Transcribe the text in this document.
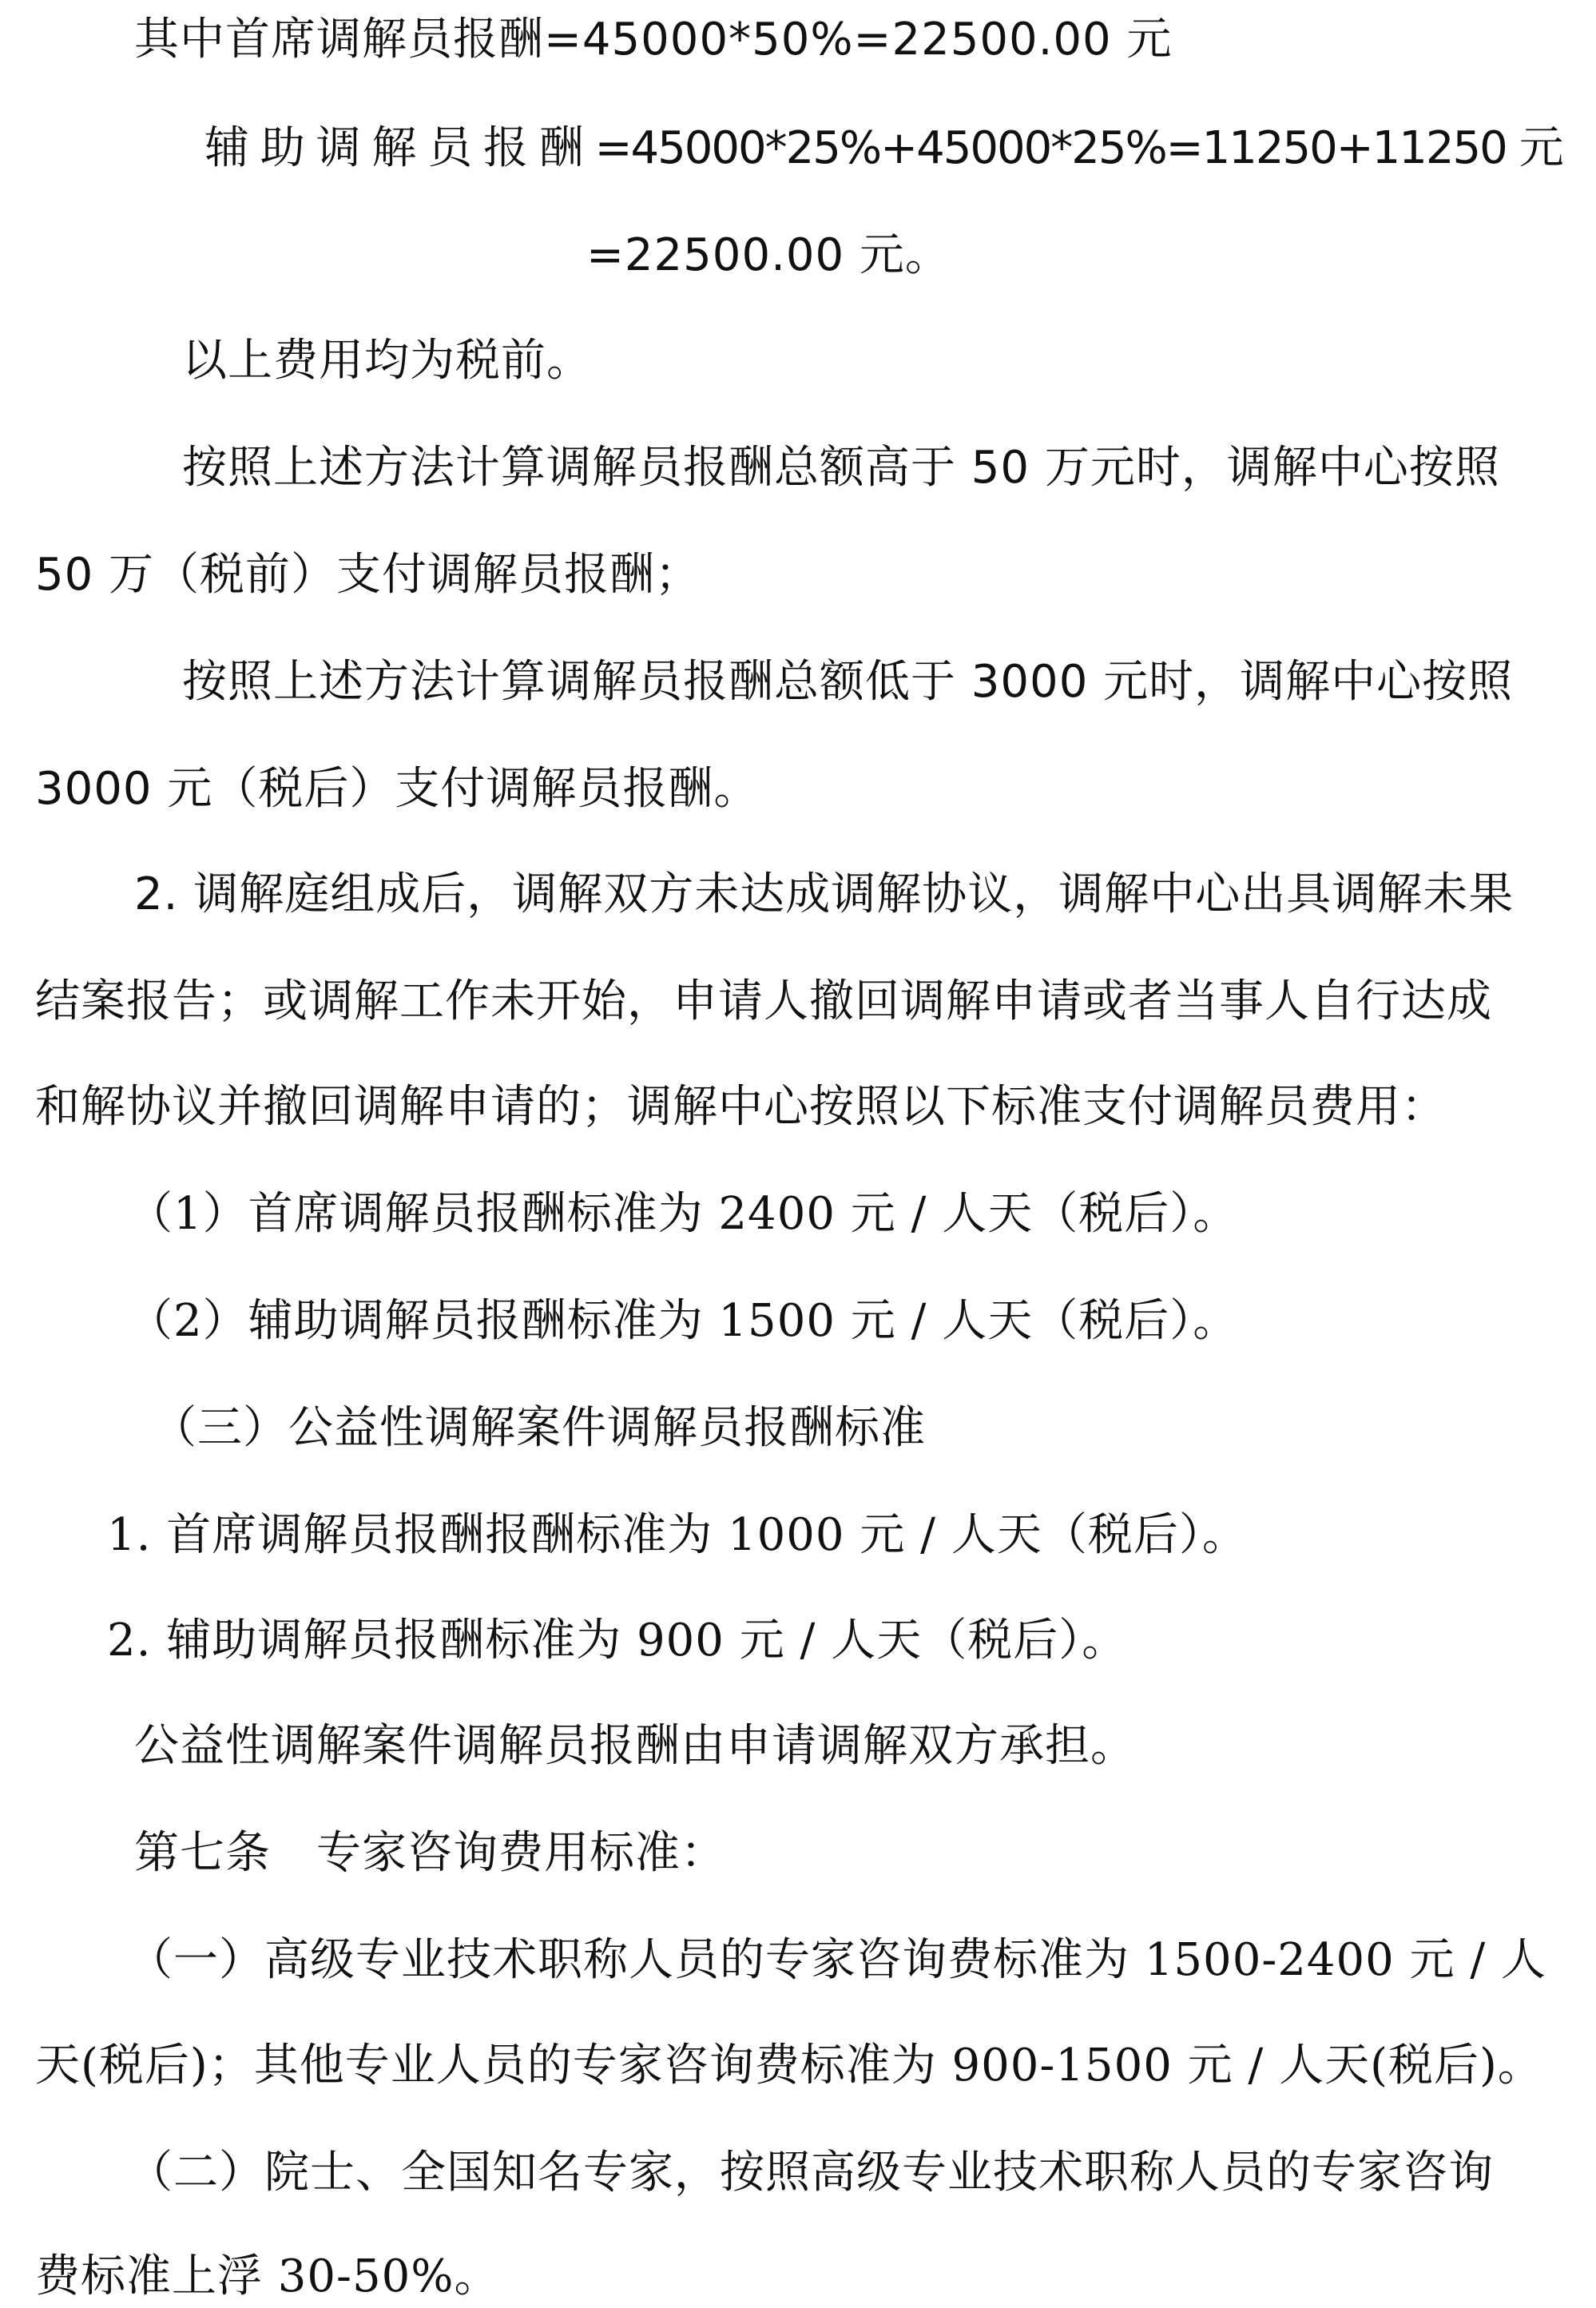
其中首席调解员报酬=45000*50%=22500.00 元
辅 助 调 解 员 报 酬 =45000*25%+45000*25%=11250+11250 元
=22500.00 元。
以上费用均为税前。
按照上述方法计算调解员报酬总额高于 50 万元时，调解中心按照
50 万（税前）支付调解员报酬；
按照上述方法计算调解员报酬总额低于 3000 元时，调解中心按照
3000 元（税后）支付调解员报酬。
2. 调解庭组成后，调解双方未达成调解协议，调解中心出具调解未果
结案报告；或调解工作未开始，申请人撤回调解申请或者当事人自行达成
和解协议并撤回调解申请的；调解中心按照以下标准支付调解员费用：
（1）首席调解员报酬标准为 2400 元 / 人天（税后）。
（2）辅助调解员报酬标准为 1500 元 / 人天（税后）。
（三）公益性调解案件调解员报酬标准
1. 首席调解员报酬报酬标准为 1000 元 / 人天（税后）。
2. 辅助调解员报酬标准为 900 元 / 人天（税后）。
公益性调解案件调解员报酬由申请调解双方承担。
第七条　专家咨询费用标准：
（一）高级专业技术职称人员的专家咨询费标准为 1500-2400 元 / 人
天(税后)；其他专业人员的专家咨询费标准为 900-1500 元 / 人天(税后)。
（二）院士、全国知名专家，按照高级专业技术职称人员的专家咨询
费标准上浮 30-50%。
